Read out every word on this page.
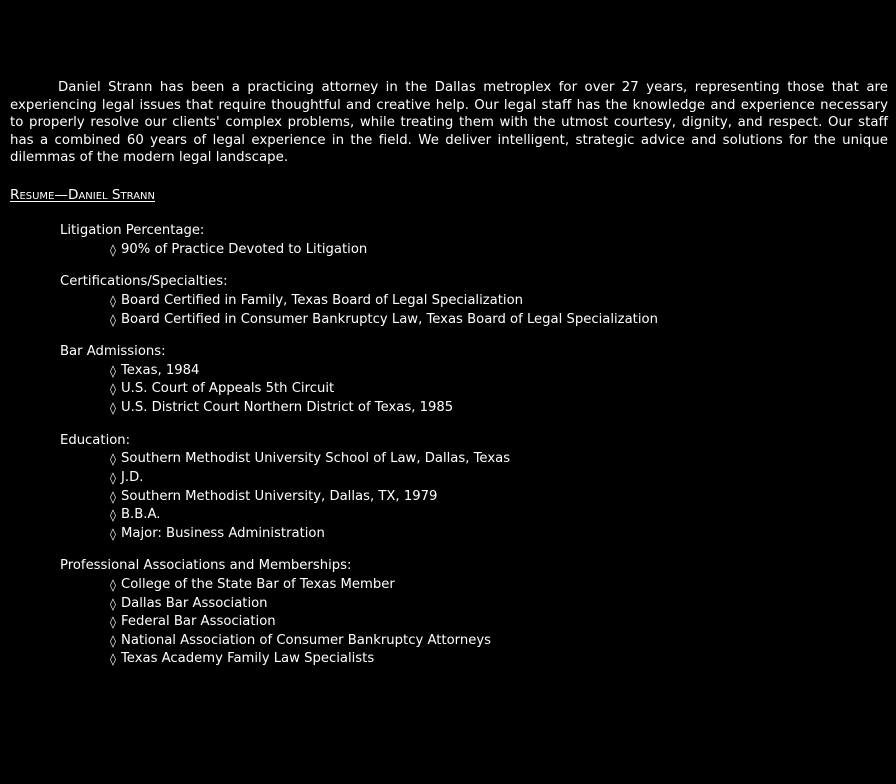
Daniel Strann has been a practicing attorney in the Dallas metroplex for over 27 years, representing those that are experiencing legal issues that require thoughtful and creative help. Our legal staff has the knowledge and experience necessary to properly resolve our clients' complex problems, while treating them with the utmost courtesy, dignity, and respect. Our staff has a combined 60 years of legal experience in the field. We deliver intelligent, strategic advice and solutions for the unique dilemmas of the modern legal landscape.

Resume—Daniel Strann
Litigation Percentage:
◊ 90% of Practice Devoted to Litigation
Certifications/Specialties:
◊ Board Certified in Family, Texas Board of Legal Specialization
◊ Board Certified in Consumer Bankruptcy Law, Texas Board of Legal Specialization
Bar Admissions:
◊ Texas, 1984
◊ U.S. Court of Appeals 5th Circuit
◊ U.S. District Court Northern District of Texas, 1985
Education:
◊ Southern Methodist University School of Law, Dallas, Texas
◊ J.D.
◊ Southern Methodist University, Dallas, TX, 1979
◊ B.B.A.
◊ Major: Business Administration
Professional Associations and Memberships:
◊ College of the State Bar of Texas Member
◊ Dallas Bar Association
◊ Federal Bar Association
◊ National Association of Consumer Bankruptcy Attorneys
◊ Texas Academy Family Law Specialists
